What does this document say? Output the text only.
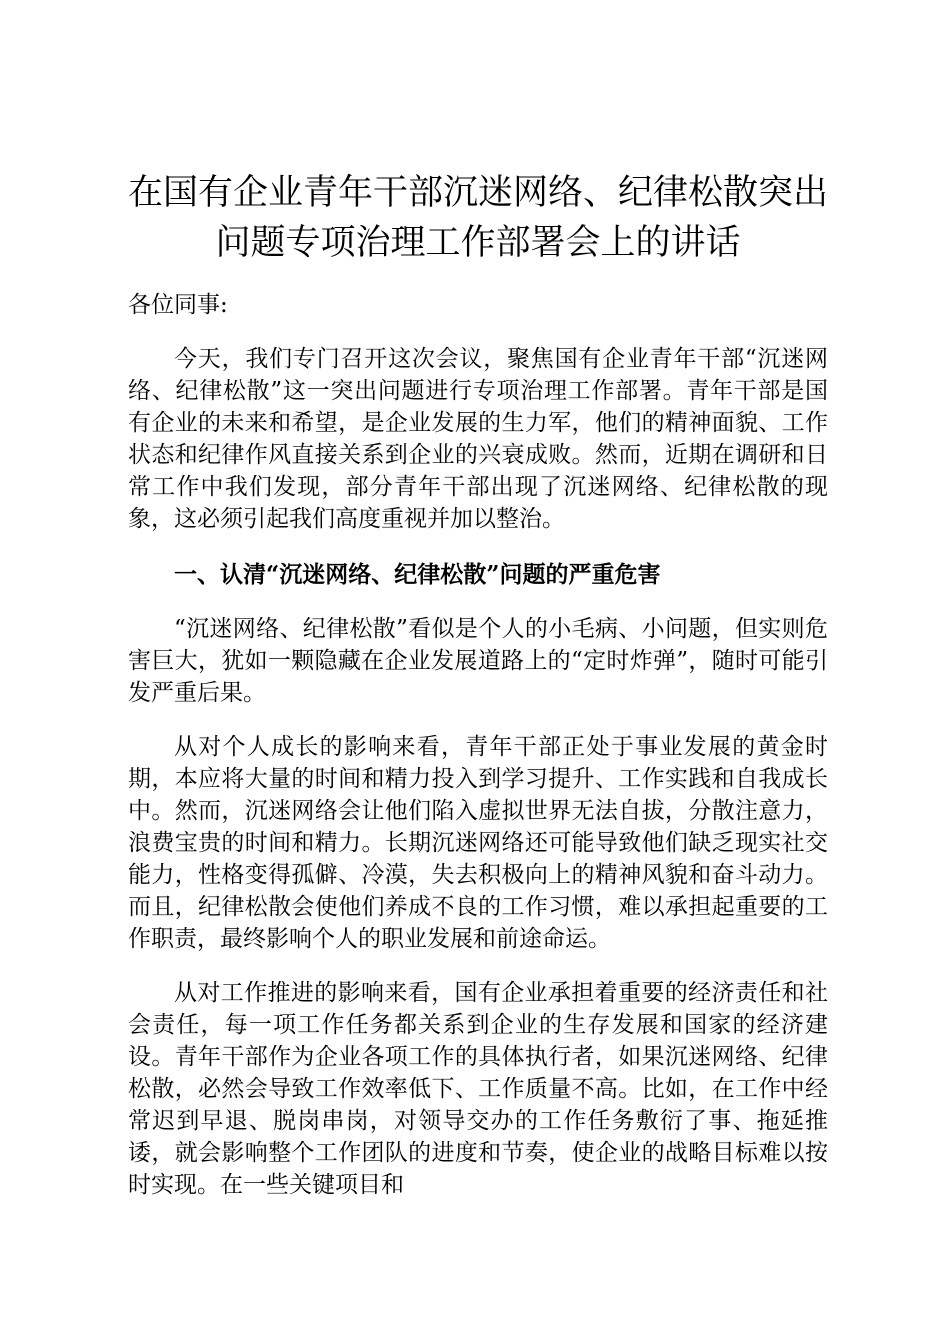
在国有企业青年干部沉迷网络、纪律松散突出
问题专项治理工作部署会上的讲话

各位同事:

今天，我们专门召开这次会议，聚焦国有企业青年干部“沉迷网络、纪律松散”这一突出问题进行专项治理工作部署。青年干部是国有企业的未来和希望，是企业发展的生力军，他们的精神面貌、工作状态和纪律作风直接关系到企业的兴衰成败。然而，近期在调研和日常工作中我们发现，部分青年干部出现了沉迷网络、纪律松散的现象，这必须引起我们高度重视并加以整治。

一、认清“沉迷网络、纪律松散”问题的严重危害

“沉迷网络、纪律松散”看似是个人的小毛病、小问题，但实则危害巨大，犹如一颗隐藏在企业发展道路上的“定时炸弹”，随时可能引发严重后果。

从对个人成长的影响来看，青年干部正处于事业发展的黄金时期，本应将大量的时间和精力投入到学习提升、工作实践和自我成长中。然而，沉迷网络会让他们陷入虚拟世界无法自拔，分散注意力，浪费宝贵的时间和精力。长期沉迷网络还可能导致他们缺乏现实社交能力，性格变得孤僻、冷漠，失去积极向上的精神风貌和奋斗动力。而且，纪律松散会使他们养成不良的工作习惯，难以承担起重要的工作职责，最终影响个人的职业发展和前途命运。

从对工作推进的影响来看，国有企业承担着重要的经济责任和社会责任，每一项工作任务都关系到企业的生存发展和国家的经济建设。青年干部作为企业各项工作的具体执行者，如果沉迷网络、纪律松散，必然会导致工作效率低下、工作质量不高。比如，在工作中经常迟到早退、脱岗串岗，对领导交办的工作任务敷衍了事、拖延推诿，就会影响整个工作团队的进度和节奏，使企业的战略目标难以按时实现。在一些关键项目和
